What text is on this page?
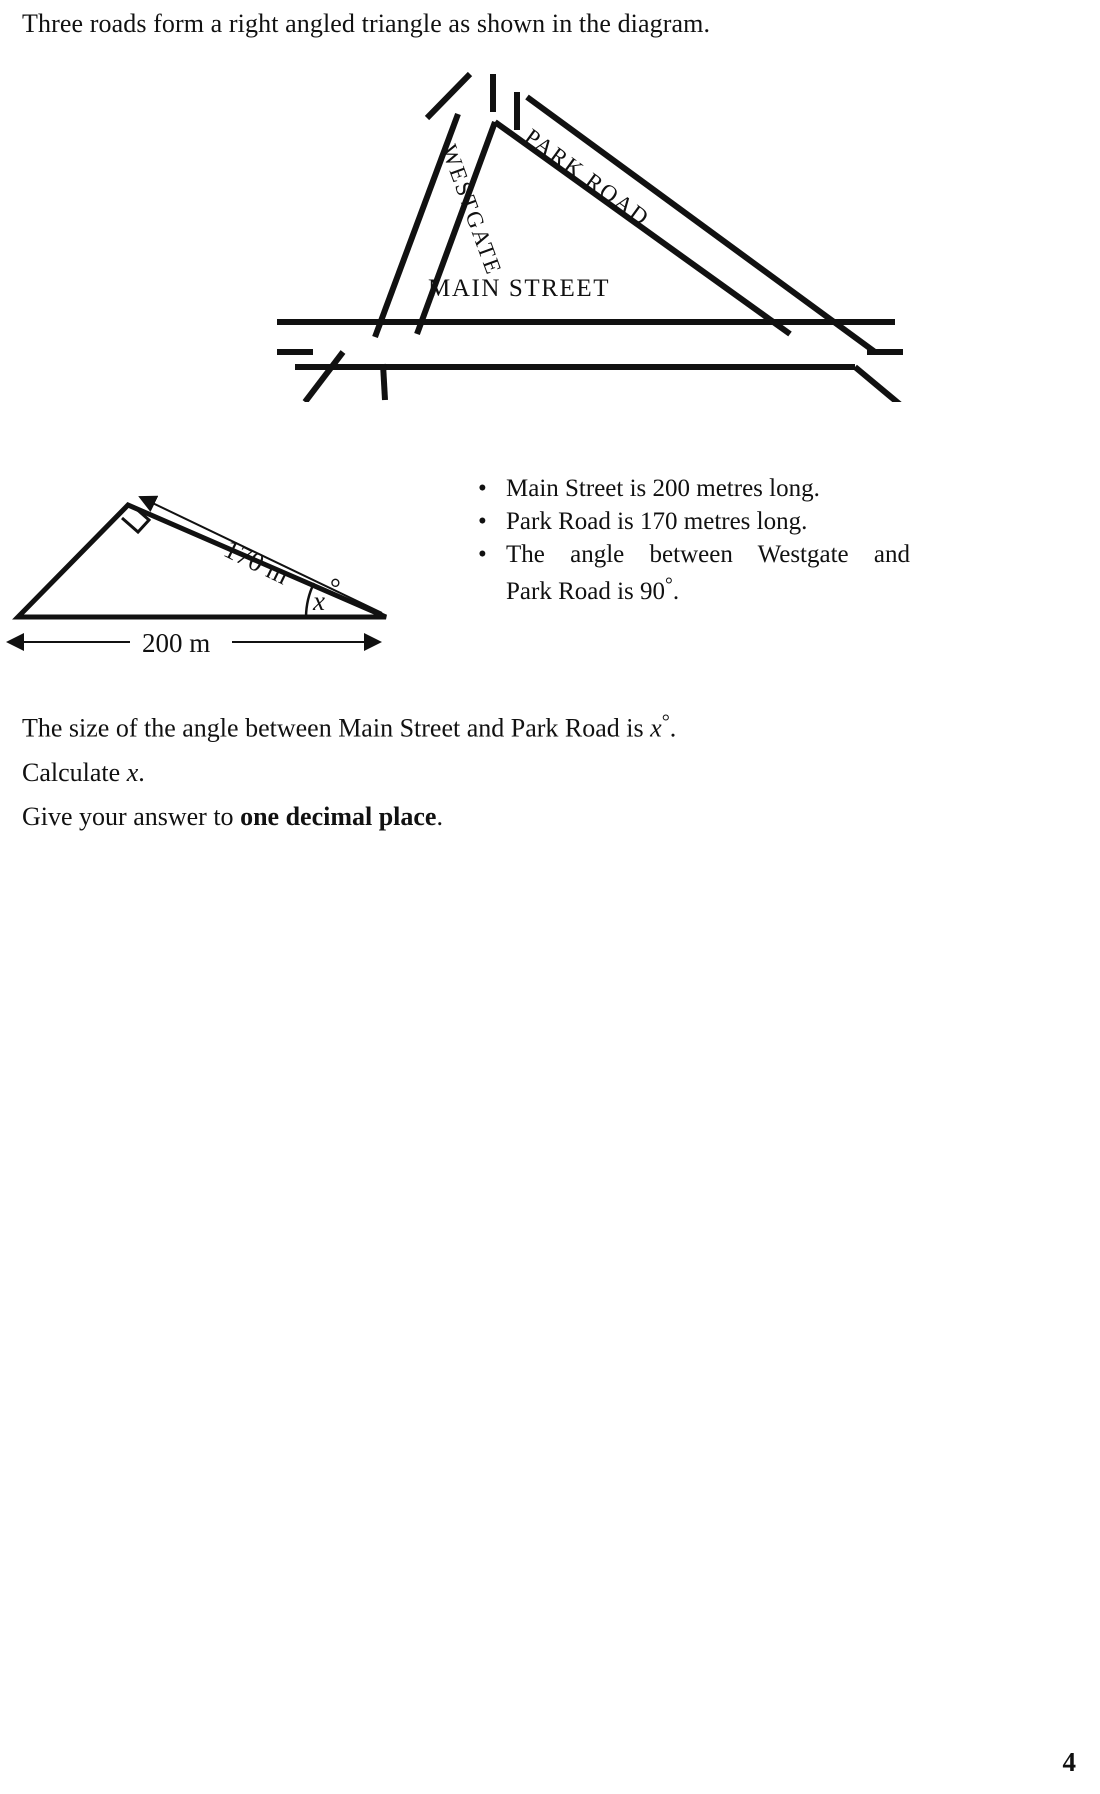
Three roads form a right angled triangle as shown in the diagram.
WESTGATE PARK ROAD
MAIN STREET
170 m
x °
200 m
• Main Street is 200 metres long.
• Park Road is 170 metres long.
• The angle between Westgate and
Park Road is 90°.
The size of the angle between Main Street and Park Road is x°.
Calculate x.
Give your answer to one decimal place.
4
